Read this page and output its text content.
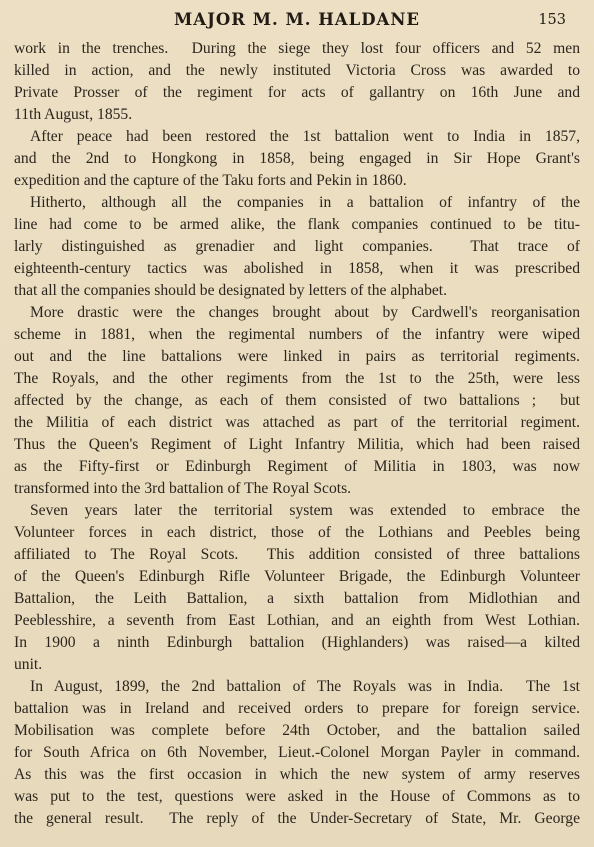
MAJOR M. M. HALDANE	153
work in the trenches.  During the siege they lost four officers and 52 men
killed in action, and the newly instituted Victoria Cross was awarded to
Private Prosser of the regiment for acts of gallantry on 16th June and
11th August, 1855.
After peace had been restored the 1st battalion went to India in 1857,
and the 2nd to Hongkong in 1858, being engaged in Sir Hope Grant's
expedition and the capture of the Taku forts and Pekin in 1860.
Hitherto, although all the companies in a battalion of infantry of the
line had come to be armed alike, the flank companies continued to be titu-
larly distinguished as grenadier and light companies.  That trace of
eighteenth-century tactics was abolished in 1858, when it was prescribed
that all the companies should be designated by letters of the alphabet.
More drastic were the changes brought about by Cardwell's reorganisation
scheme in 1881, when the regimental numbers of the infantry were wiped
out and the line battalions were linked in pairs as territorial regiments.
The Royals, and the other regiments from the 1st to the 25th, were less
affected by the change, as each of them consisted of two battalions ;  but
the Militia of each district was attached as part of the territorial regiment.
Thus the Queen's Regiment of Light Infantry Militia, which had been raised
as the Fifty-first or Edinburgh Regiment of Militia in 1803, was now
transformed into the 3rd battalion of The Royal Scots.
Seven years later the territorial system was extended to embrace the
Volunteer forces in each district, those of the Lothians and Peebles being
affiliated to The Royal Scots.  This addition consisted of three battalions
of the Queen's Edinburgh Rifle Volunteer Brigade, the Edinburgh Volunteer
Battalion, the Leith Battalion, a sixth battalion from Midlothian and
Peeblesshire, a seventh from East Lothian, and an eighth from West Lothian.
In 1900 a ninth Edinburgh battalion (Highlanders) was raised—a kilted
unit.
In August, 1899, the 2nd battalion of The Royals was in India.  The 1st
battalion was in Ireland and received orders to prepare for foreign service.
Mobilisation was complete before 24th October, and the battalion sailed
for South Africa on 6th November, Lieut.-Colonel Morgan Payler in command.
As this was the first occasion in which the new system of army reserves
was put to the test, questions were asked in the House of Commons as to
the general result.  The reply of the Under-Secretary of State, Mr. George
